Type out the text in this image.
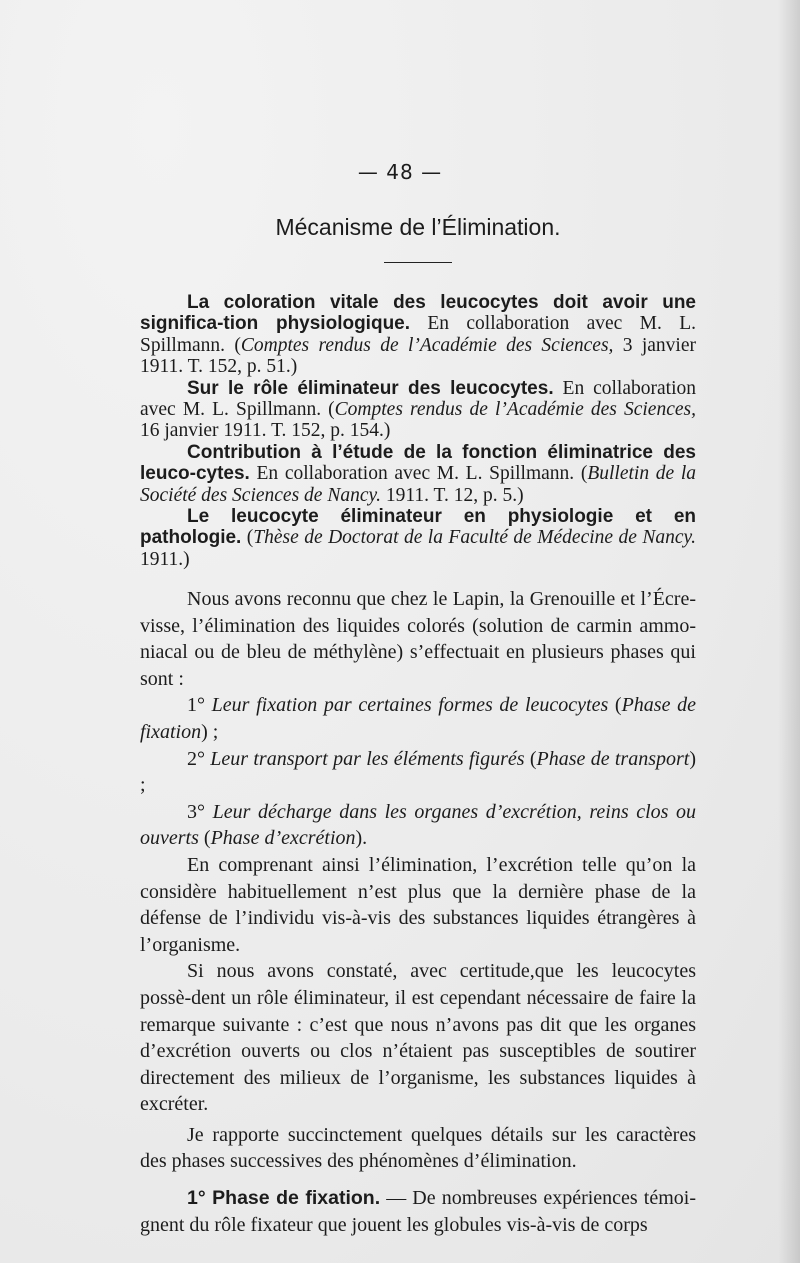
— 48 —
Mécanisme de l’Élimination.

La coloration vitale des leucocytes doit avoir une significa-tion physiologique. En collaboration avec M. L. Spillmann. (Comptes rendus de l’Académie des Sciences, 3 janvier 1911. T. 152, p. 51.)

Sur le rôle éliminateur des leucocytes. En collaboration avec M. L. Spillmann. (Comptes rendus de l’Académie des Sciences, 16 janvier 1911. T. 152, p. 154.)

Contribution à l’étude de la fonction éliminatrice des leuco-cytes. En collaboration avec M. L. Spillmann. (Bulletin de la Société des Sciences de Nancy. 1911. T. 12, p. 5.)

Le leucocyte éliminateur en physiologie et en pathologie. (Thèse de Doctorat de la Faculté de Médecine de Nancy. 1911.)

Nous avons reconnu que chez le Lapin, la Grenouille et l’Écre-visse, l’élimination des liquides colorés (solution de carmin ammo-niacal ou de bleu de méthylène) s’effectuait en plusieurs phases qui sont :

1° Leur fixation par certaines formes de leucocytes (Phase de fixation) ;

2° Leur transport par les éléments figurés (Phase de transport) ;

3° Leur décharge dans les organes d’excrétion, reins clos ou ouverts (Phase d’excrétion).

En comprenant ainsi l’élimination, l’excrétion telle qu’on la considère habituellement n’est plus que la dernière phase de la défense de l’individu vis-à-vis des substances liquides étrangères à l’organisme.

Si nous avons constaté, avec certitude,que les leucocytes possè-dent un rôle éliminateur, il est cependant nécessaire de faire la remarque suivante : c’est que nous n’avons pas dit que les organes d’excrétion ouverts ou clos n’étaient pas susceptibles de soutirer directement des milieux de l’organisme, les substances liquides à excréter.

Je rapporte succinctement quelques détails sur les caractères des phases successives des phénomènes d’élimination.

1° Phase de fixation. — De nombreuses expériences témoi-gnent du rôle fixateur que jouent les globules vis-à-vis de corps
